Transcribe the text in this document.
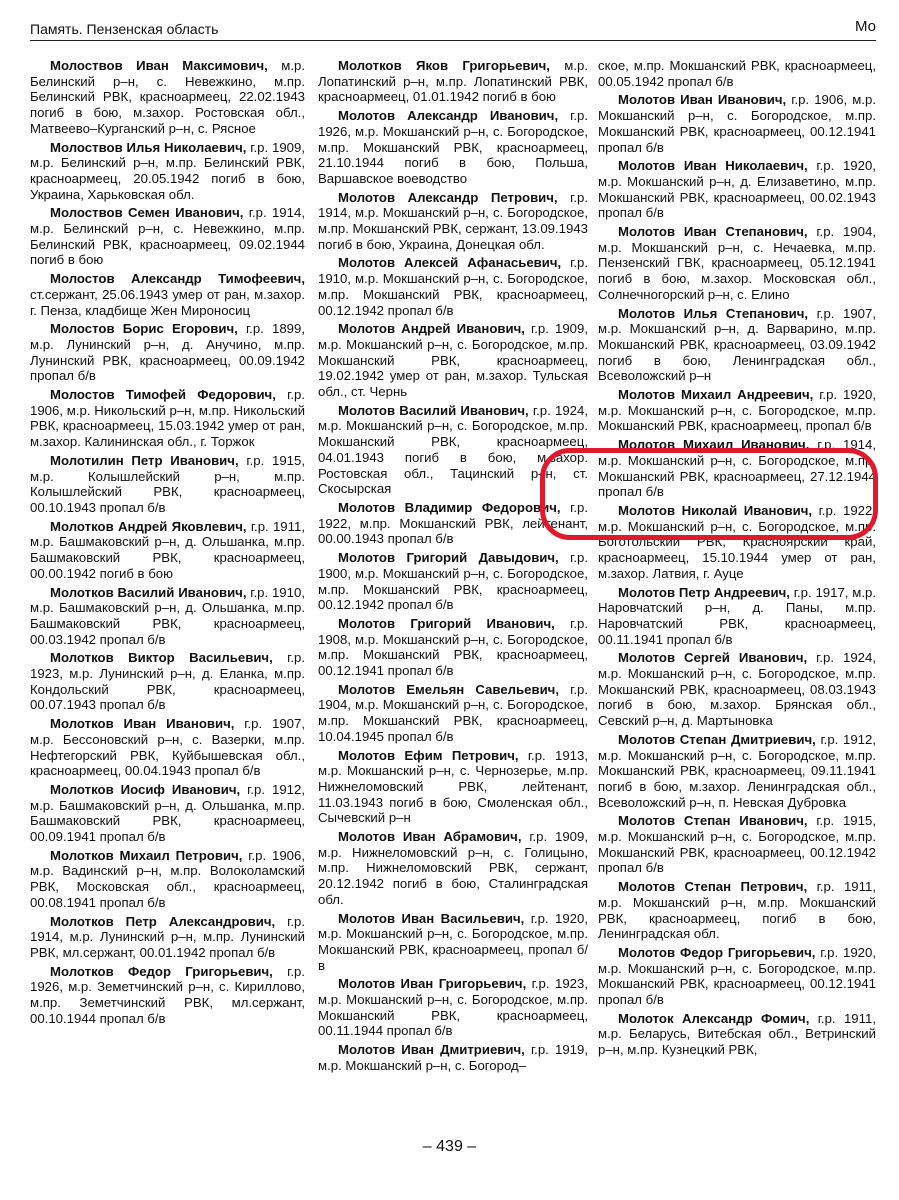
Память. Пензенская область	Мо

Молоствов Иван Максимович, м.р. Белинский р–н, с. Невежкино, м.пр. Белинский РВК, красноармеец, 22.02.1943 погиб в бою, м.захор. Ростовская обл., Матвеево–Курганский р–н, с. Рясное

Молоствов Илья Николаевич, г.р. 1909, м.р. Белинский р–н, м.пр. Белинский РВК, красноармеец, 20.05.1942 погиб в бою, Украина, Харьковская обл.

Молоствов Семен Иванович, г.р. 1914, м.р. Белинский р–н, с. Невежкино, м.пр. Белинский РВК, красноармеец, 09.02.1944 погиб в бою

Молостов Александр Тимофеевич, ст.сержант, 25.06.1943 умер от ран, м.захор. г. Пенза, кладбище Жен Мироносиц

Молостов Борис Егорович, г.р. 1899, м.р. Лунинский р–н, д. Анучино, м.пр. Лунинский РВК, красноармеец, 00.09.1942 пропал б/в

Молостов Тимофей Федорович, г.р. 1906, м.р. Никольский р–н, м.пр. Никольский РВК, красноармеец, 15.03.1942 умер от ран, м.захор. Калининская обл., г. Торжок

Молотилин Петр Иванович, г.р. 1915, м.р. Колышлейский р–н, м.пр. Колышлейский РВК, красноармеец, 00.10.1943 пропал б/в

Молотков Андрей Яковлевич, г.р. 1911, м.р. Башмаковский р–н, д. Ольшанка, м.пр. Башмаковский РВК, красноармеец, 00.00.1942 погиб в бою

Молотков Василий Иванович, г.р. 1910, м.р. Башмаковский р–н, д. Ольшанка, м.пр. Башмаковский РВК, красноармеец, 00.03.1942 пропал б/в

Молотков Виктор Васильевич, г.р. 1923, м.р. Лунинский р–н, д. Еланка, м.пр. Кондольский РВК, красноармеец, 00.07.1943 пропал б/в

Молотков Иван Иванович, г.р. 1907, м.р. Бессоновский р–н, с. Вазерки, м.пр. Нефтегорский РВК, Куйбышевская обл., красноармеец, 00.04.1943 пропал б/в

Молотков Иосиф Иванович, г.р. 1912, м.р. Башмаковский р–н, д. Ольшанка, м.пр. Башмаковский РВК, красноармеец, 00.09.1941 пропал б/в

Молотков Михаил Петрович, г.р. 1906, м.р. Вадинский р–н, м.пр. Волоколамский РВК, Московская обл., красноармеец, 00.08.1941 пропал б/в

Молотков Петр Александрович, г.р. 1914, м.р. Лунинский р–н, м.пр. Лунинский РВК, мл.сержант, 00.01.1942 пропал б/в

Молотков Федор Григорьевич, г.р. 1926, м.р. Земетчинский р–н, с. Кириллово, м.пр. Земетчинский РВК, мл.сержант, 00.10.1944 пропал б/в

Молотков Яков Григорьевич, м.р. Лопатинский р–н, м.пр. Лопатинский РВК, красноармеец, 01.01.1942 погиб в бою

Молотов Александр Иванович, г.р. 1926, м.р. Мокшанский р–н, с. Богородское, м.пр. Мокшанский РВК, красноармеец, 21.10.1944 погиб в бою, Польша, Варшавское воеводство

Молотов Александр Петрович, г.р. 1914, м.р. Мокшанский р–н, с. Богородское, м.пр. Мокшанский РВК, сержант, 13.09.1943 погиб в бою, Украина, Донецкая обл.

Молотов Алексей Афанасьевич, г.р. 1910, м.р. Мокшанский р–н, с. Богородское, м.пр. Мокшанский РВК, красноармеец, 00.12.1942 пропал б/в

Молотов Андрей Иванович, г.р. 1909, м.р. Мокшанский р–н, с. Богородское, м.пр. Мокшанский РВК, красноармеец, 19.02.1942 умер от ран, м.захор. Тульская обл., ст. Чернь

Молотов Василий Иванович, г.р. 1924, м.р. Мокшанский р–н, с. Богородское, м.пр. Мокшанский РВК, красноармеец, 04.01.1943 погиб в бою, м.захор. Ростовская обл., Тацинский р–н, ст. Скосырская

Молотов Владимир Федорович, г.р. 1922, м.пр. Мокшанский РВК, лейтенант, 00.00.1943 пропал б/в

Молотов Григорий Давыдович, г.р. 1900, м.р. Мокшанский р–н, с. Богородское, м.пр. Мокшанский РВК, красноармеец, 00.12.1942 пропал б/в

Молотов Григорий Иванович, г.р. 1908, м.р. Мокшанский р–н, с. Богородское, м.пр. Мокшанский РВК, красноармеец, 00.12.1941 пропал б/в

Молотов Емельян Савельевич, г.р. 1904, м.р. Мокшанский р–н, с. Богородское, м.пр. Мокшанский РВК, красноармеец, 10.04.1945 пропал б/в

Молотов Ефим Петрович, г.р. 1913, м.р. Мокшанский р–н, с. Чернозерье, м.пр. Нижнеломовский РВК, лейтенант, 11.03.1943 погиб в бою, Смоленская обл., Сычевский р–н

Молотов Иван Абрамович, г.р. 1909, м.р. Нижнеломовский р–н, с. Голицыно, м.пр. Нижнеломовский РВК, сержант, 20.12.1942 погиб в бою, Сталинградская обл.

Молотов Иван Васильевич, г.р. 1920, м.р. Мокшанский р–н, с. Богородское, м.пр. Мокшанский РВК, красноармеец, пропал б/в

Молотов Иван Григорьевич, г.р. 1923, м.р. Мокшанский р–н, с. Богородское, м.пр. Мокшанский РВК, красноармеец, 00.11.1944 пропал б/в

Молотов Иван Дмитриевич, г.р. 1919, м.р. Мокшанский р–н, с. Богород–

ское, м.пр. Мокшанский РВК, красноармеец, 00.05.1942 пропал б/в

Молотов Иван Иванович, г.р. 1906, м.р. Мокшанский р–н, с. Богородское, м.пр. Мокшанский РВК, красноармеец, 00.12.1941 пропал б/в

Молотов Иван Николаевич, г.р. 1920, м.р. Мокшанский р–н, д. Елизаветино, м.пр. Мокшанский РВК, красноармеец, 00.02.1943 пропал б/в

Молотов Иван Степанович, г.р. 1904, м.р. Мокшанский р–н, с. Нечаевка, м.пр. Пензенский ГВК, красноармеец, 05.12.1941 погиб в бою, м.захор. Московская обл., Солнечногорский р–н, с. Елино

Молотов Илья Степанович, г.р. 1907, м.р. Мокшанский р–н, д. Варварино, м.пр. Мокшанский РВК, красноармеец, 03.09.1942 погиб в бою, Ленинградская обл., Всеволожский р–н

Молотов Михаил Андреевич, г.р. 1920, м.р. Мокшанский р–н, с. Богородское, м.пр. Мокшанский РВК, красноармеец, пропал б/в

Молотов Михаил Иванович, г.р. 1914, м.р. Мокшанский р–н, с. Богородское, м.пр. Мокшанский РВК, красноармеец, 27.12.1944 пропал б/в

Молотов Николай Иванович, г.р. 1922, м.р. Мокшанский р–н, с. Богородское, м.пр. Боготольский РВК, Красноярский край, красноармеец, 15.10.1944 умер от ран, м.захор. Латвия, г. Ауце

Молотов Петр Андреевич, г.р. 1917, м.р. Наровчатский р–н, д. Паны, м.пр. Наровчатский РВК, красноармеец, 00.11.1941 пропал б/в

Молотов Сергей Иванович, г.р. 1924, м.р. Мокшанский р–н, с. Богородское, м.пр. Мокшанский РВК, красноармеец, 08.03.1943 погиб в бою, м.захор. Брянская обл., Севский р–н, д. Мартыновка

Молотов Степан Дмитриевич, г.р. 1912, м.р. Мокшанский р–н, с. Богородское, м.пр. Мокшанский РВК, красноармеец, 09.11.1941 погиб в бою, м.захор. Ленинградская обл., Всеволожский р–н, п. Невская Дубровка

Молотов Степан Иванович, г.р. 1915, м.р. Мокшанский р–н, с. Богородское, м.пр. Мокшанский РВК, красноармеец, 00.12.1942 пропал б/в

Молотов Степан Петрович, г.р. 1911, м.р. Мокшанский р–н, м.пр. Мокшанский РВК, красноармеец, погиб в бою, Ленинградская обл.

Молотов Федор Григорьевич, г.р. 1920, м.р. Мокшанский р–н, с. Богородское, м.пр. Мокшанский РВК, красноармеец, 00.12.1941 пропал б/в

Молоток Александр Фомич, г.р. 1911, м.р. Беларусь, Витебская обл., Ветринский р–н, м.пр. Кузнецкий РВК,

– 439 –
